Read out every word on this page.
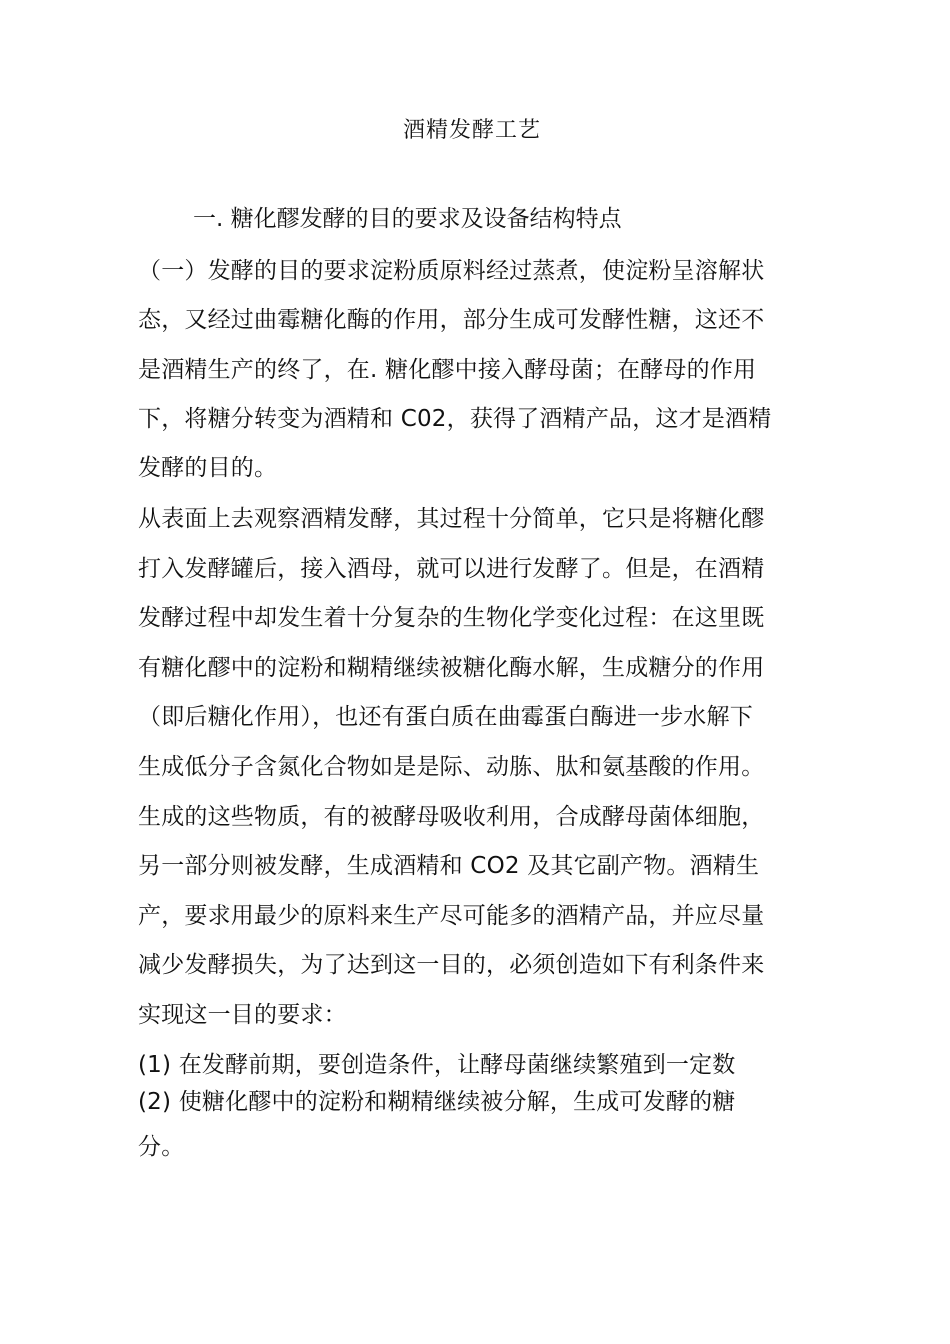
酒精发酵工艺
一. 糖化醪发酵的目的要求及设备结构特点
（一）发酵的目的要求淀粉质原料经过蒸煮，使淀粉呈溶解状
态，又经过曲霉糖化酶的作用，部分生成可发酵性糖，这还不
是酒精生产的终了，在. 糖化醪中接入酵母菌；在酵母的作用
下，将糖分转变为酒精和 C02，获得了酒精产品，这才是酒精
发酵的目的。
从表面上去观察酒精发酵，其过程十分简单，它只是将糖化醪
打入发酵罐后，接入酒母，就可以进行发酵了。但是，在酒精
发酵过程中却发生着十分复杂的生物化学变化过程：在这里既
有糖化醪中的淀粉和糊精继续被糖化酶水解，生成糖分的作用
（即后糖化作用），也还有蛋白质在曲霉蛋白酶进一步水解下
生成低分子含氮化合物如是是际、动胨、肽和氨基酸的作用。
生成的这些物质，有的被酵母吸收利用，合成酵母菌体细胞，
另一部分则被发酵，生成酒精和 CO2 及其它副产物。酒精生
产，要求用最少的原料来生产尽可能多的酒精产品，并应尽量
减少发酵损失，为了达到这一目的，必须创造如下有利条件来
实现这一目的要求：
(1) 在发酵前期，要创造条件，让酵母菌继续繁殖到一定数
(2) 使糖化醪中的淀粉和糊精继续被分解，生成可发酵的糖
分。
